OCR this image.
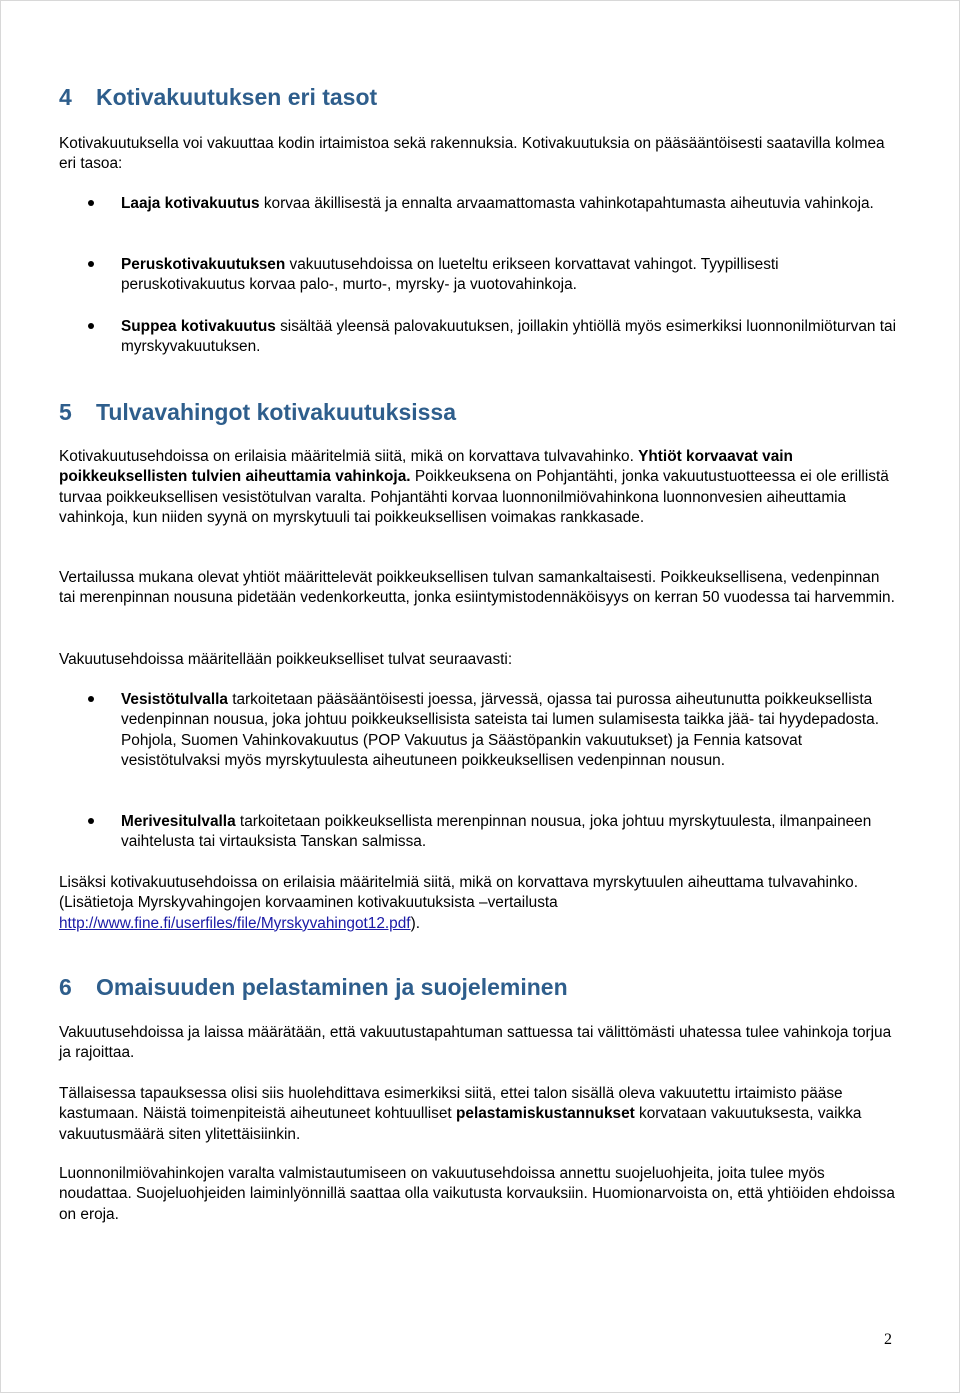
4 Kotivakuutuksen eri tasot

Kotivakuutuksella voi vakuuttaa kodin irtaimistoa sekä rakennuksia. Kotivakuutuksia on pääsääntöisesti saatavilla kolmea eri tasoa:

Laaja kotivakuutus korvaa äkillisestä ja ennalta arvaamattomasta vahinkotapahtumasta aiheutuvia vahinkoja.
Peruskotivakuutuksen vakuutusehdoissa on lueteltu erikseen korvattavat vahingot. Tyypillisesti peruskotivakuutus korvaa palo-, murto-, myrsky- ja vuotovahinkoja.
Suppea kotivakuutus sisältää yleensä palovakuutuksen, joillakin yhtiöllä myös esimerkiksi luonnonilmiöturvan tai myrskyvakuutuksen.
5 Tulvavahingot kotivakuutuksissa

Kotivakuutusehdoissa on erilaisia määritelmiä siitä, mikä on korvattava tulvavahinko. Yhtiöt korvaavat vain poikkeuksellisten tulvien aiheuttamia vahinkoja. Poikkeuksena on Pohjantähti, jonka vakuutustuotteessa ei ole erillistä turvaa poikkeuksellisen vesistötulvan varalta. Pohjantähti korvaa luonnonilmiövahinkona luonnonvesien aiheuttamia vahinkoja, kun niiden syynä on myrskytuuli tai poikkeuksellisen voimakas rankkasade.

Vertailussa mukana olevat yhtiöt määrittelevät poikkeuksellisen tulvan samankaltaisesti. Poikkeuksellisena, vedenpinnan tai merenpinnan nousuna pidetään vedenkorkeutta, jonka esiintymistodennäköisyys on kerran 50 vuodessa tai harvemmin.

Vakuutusehdoissa määritellään poikkeukselliset tulvat seuraavasti:

Vesistötulvalla tarkoitetaan pääsääntöisesti joessa, järvessä, ojassa tai purossa aiheutunutta poikkeuksellista vedenpinnan nousua, joka johtuu poikkeuksellisista sateista tai lumen sulamisesta taikka jää- tai hyydepadosta. Pohjola, Suomen Vahinkovakuutus (POP Vakuutus ja Säästöpankin vakuutukset) ja Fennia katsovat vesistötulvaksi myös myrskytuulesta aiheutuneen poikkeuksellisen vedenpinnan nousun.
Merivesitulvalla tarkoitetaan poikkeuksellista merenpinnan nousua, joka johtuu myrskytuulesta, ilmanpaineen vaihtelusta tai virtauksista Tanskan salmissa.

Lisäksi kotivakuutusehdoissa on erilaisia määritelmiä siitä, mikä on korvattava myrskytuulen aiheuttama tulvavahinko. (Lisätietoja Myrskyvahingojen korvaaminen kotivakuutuksista –vertailusta http://www.fine.fi/userfiles/file/Myrskyvahingot12.pdf).

6 Omaisuuden pelastaminen ja suojeleminen

Vakuutusehdoissa ja laissa määrätään, että vakuutustapahtuman sattuessa tai välittömästi uhatessa tulee vahinkoja torjua ja rajoittaa.

Tällaisessa tapauksessa olisi siis huolehdittava esimerkiksi siitä, ettei talon sisällä oleva vakuutettu irtaimisto pääse kastumaan. Näistä toimenpiteistä aiheutuneet kohtuulliset pelastamiskustannukset korvataan vakuutuksesta, vaikka vakuutusmäärä siten ylitettäisiinkin.

Luonnonilmiövahinkojen varalta valmistautumiseen on vakuutusehdoissa annettu suojeluohjeita, joita tulee myös noudattaa. Suojeluohjeiden laiminlyönnillä saattaa olla vaikutusta korvauksiin. Huomionarvoista on, että yhtiöiden ehdoissa on eroja.

2
